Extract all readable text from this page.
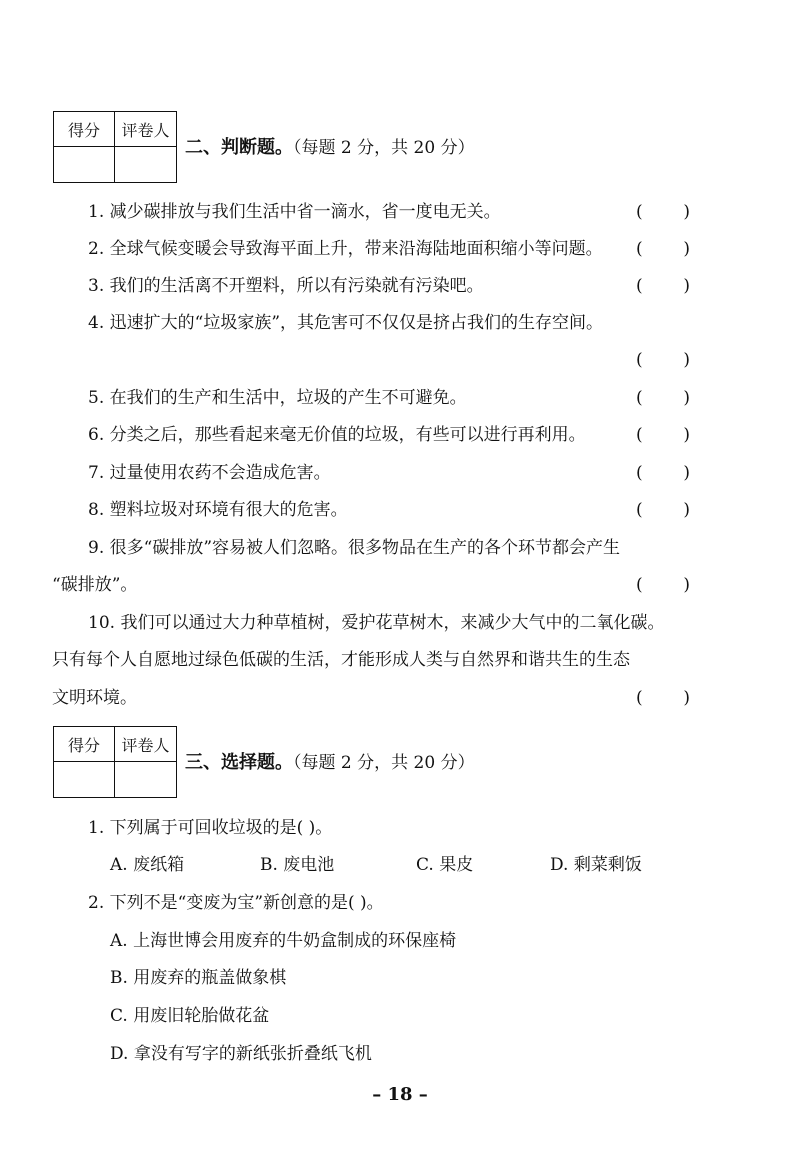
得分	评卷人
二、判断题。（每题 2 分，共 20 分）
1. 减少碳排放与我们生活中省一滴水，省一度电无关。	( )
2. 全球气候变暖会导致海平面上升，带来沿海陆地面积缩小等问题。 ( )
3. 我们的生活离不开塑料，所以有污染就有污染吧。	( )
4. 迅速扩大的“垃圾家族”，其危害可不仅仅是挤占我们的生存空间。
( )
5. 在我们的生产和生活中，垃圾的产生不可避免。	( )
6. 分类之后，那些看起来毫无价值的垃圾，有些可以进行再利用。	( )
7. 过量使用农药不会造成危害。	( )
8. 塑料垃圾对环境有很大的危害。	( )
9. 很多“碳排放”容易被人们忽略。很多物品在生产的各个环节都会产生
“碳排放”。	( )
10. 我们可以通过大力种草植树，爱护花草树木，来减少大气中的二氧化碳。
只有每个人自愿地过绿色低碳的生活，才能形成人类与自然界和谐共生的生态
文明环境。	( )
得分	评卷人
三、选择题。（每题 2 分，共 20 分）
1. 下列属于可回收垃圾的是( )。
A. 废纸箱	B. 废电池	C. 果皮	D. 剩菜剩饭
2. 下列不是“变废为宝”新创意的是( )。
A. 上海世博会用废弃的牛奶盒制成的环保座椅
B. 用废弃的瓶盖做象棋
C. 用废旧轮胎做花盆
D. 拿没有写字的新纸张折叠纸飞机
– 18 –
